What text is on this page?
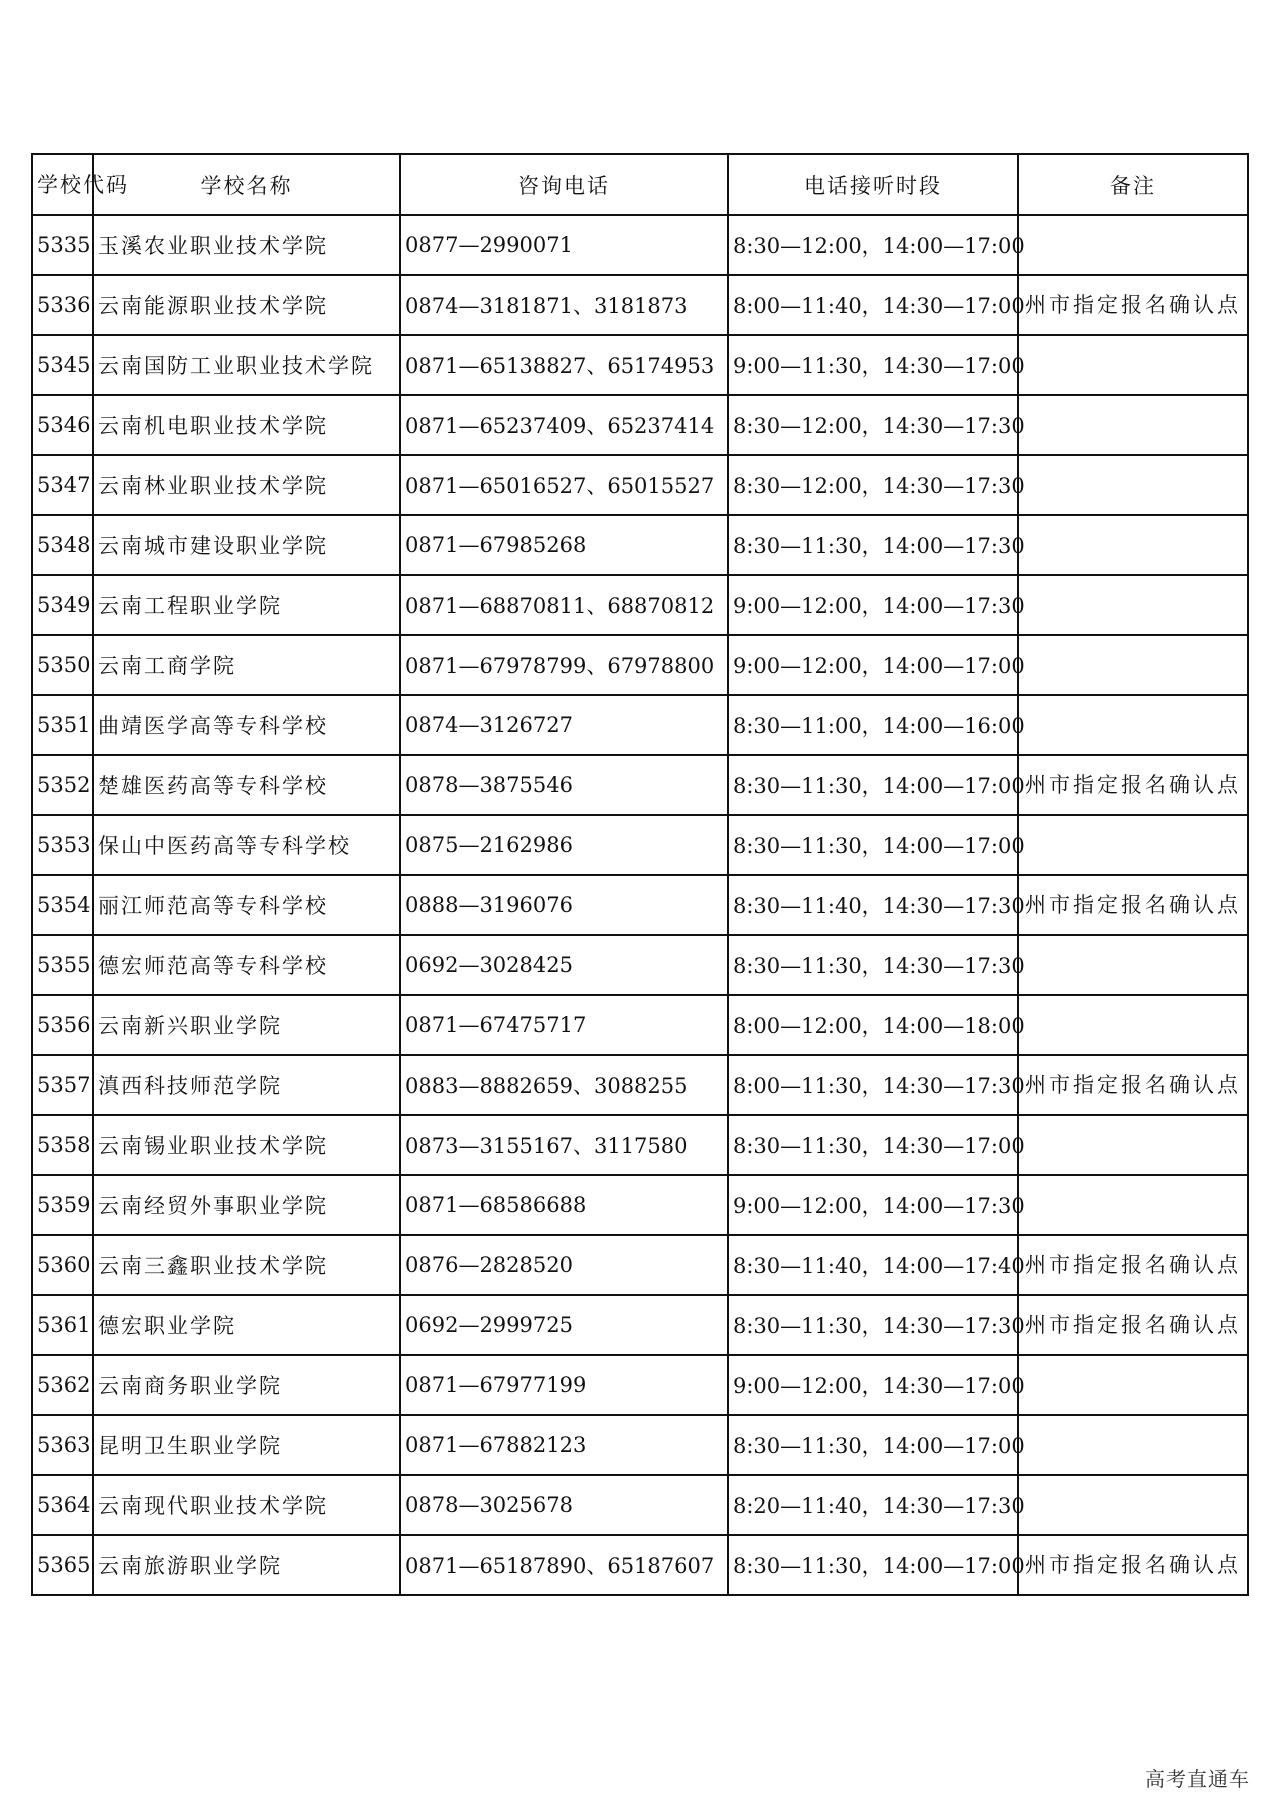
学校代码	学校名称	咨询电话	电话接听时段	备注
5335	玉溪农业职业技术学院	0877—2990071	8:30—12:00，14:00—17:00	
5336	云南能源职业技术学院	0874—3181871、3181873	8:00—11:40，14:30—17:00	州市指定报名确认点
5345	云南国防工业职业技术学院	0871—65138827、65174953	9:00—11:30，14:30—17:00	
5346	云南机电职业技术学院	0871—65237409、65237414	8:30—12:00，14:30—17:30	
5347	云南林业职业技术学院	0871—65016527、65015527	8:30—12:00，14:30—17:30	
5348	云南城市建设职业学院	0871—67985268	8:30—11:30，14:00—17:30	
5349	云南工程职业学院	0871—68870811、68870812	9:00—12:00，14:00—17:30	
5350	云南工商学院	0871—67978799、67978800	9:00—12:00，14:00—17:00	
5351	曲靖医学高等专科学校	0874—3126727	8:30—11:00，14:00—16:00	
5352	楚雄医药高等专科学校	0878—3875546	8:30—11:30，14:00—17:00	州市指定报名确认点
5353	保山中医药高等专科学校	0875—2162986	8:30—11:30，14:00—17:00	
5354	丽江师范高等专科学校	0888—3196076	8:30—11:40，14:30—17:30	州市指定报名确认点
5355	德宏师范高等专科学校	0692—3028425	8:30—11:30，14:30—17:30	
5356	云南新兴职业学院	0871—67475717	8:00—12:00，14:00—18:00	
5357	滇西科技师范学院	0883—8882659、3088255	8:00—11:30，14:30—17:30	州市指定报名确认点
5358	云南锡业职业技术学院	0873—3155167、3117580	8:30—11:30，14:30—17:00	
5359	云南经贸外事职业学院	0871—68586688	9:00—12:00，14:00—17:30	
5360	云南三鑫职业技术学院	0876—2828520	8:30—11:40，14:00—17:40	州市指定报名确认点
5361	德宏职业学院	0692—2999725	8:30—11:30，14:30—17:30	州市指定报名确认点
5362	云南商务职业学院	0871—67977199	9:00—12:00，14:30—17:00	
5363	昆明卫生职业学院	0871—67882123	8:30—11:30，14:00—17:00	
5364	云南现代职业技术学院	0878—3025678	8:20—11:40，14:30—17:30	
5365	云南旅游职业学院	0871—65187890、65187607	8:30—11:30，14:00—17:00	州市指定报名确认点
高考直通车
